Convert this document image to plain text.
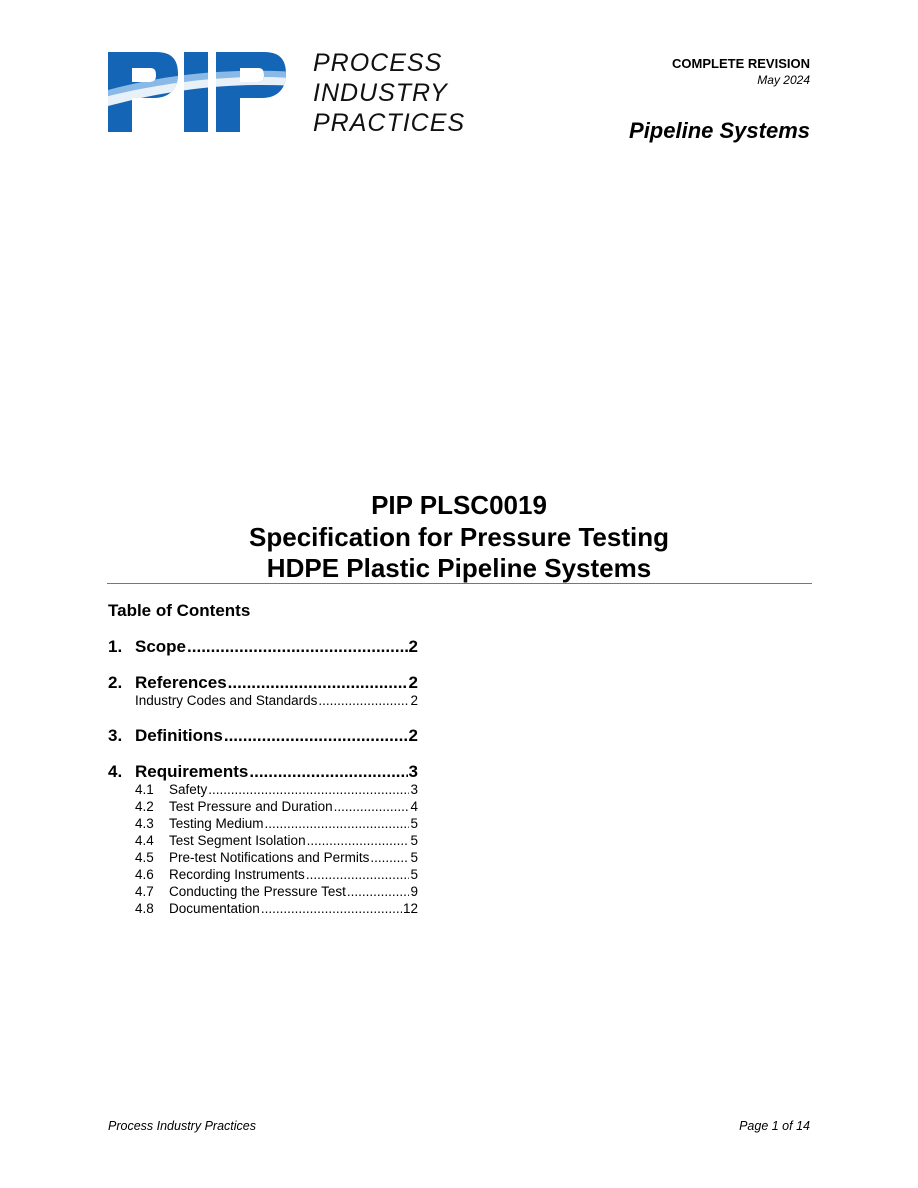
PROCESS
INDUSTRY
PRACTICES
COMPLETE REVISION
May 2024
Pipeline Systems
PIP PLSC0019
Specification for Pressure Testing
HDPE Plastic Pipeline Systems
Table of Contents
1. Scope .....	2
2. References .....	2
Industry Codes and Standards .....	2
3. Definitions .....	2
4. Requirements .....	3
4.1	Safety .....	3
4.2	Test Pressure and Duration .....	4
4.3	Testing Medium .....	5
4.4	Test Segment Isolation .....	5
4.5	Pre-test Notifications and Permits .....	5
4.6	Recording Instruments .....	5
4.7	Conducting the Pressure Test .....	9
4.8	Documentation .....	12
Process Industry Practices	Page 1 of 14
